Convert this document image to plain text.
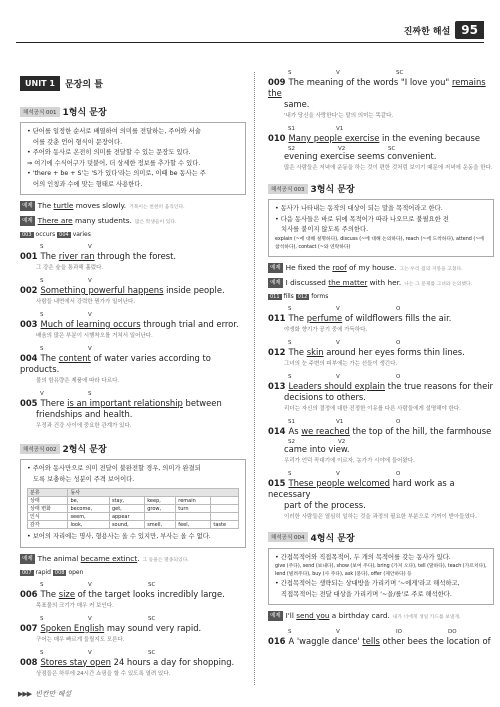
진짜한 해설 95
UNIT 1	문장의 틀
해석공식 001 1형식 문장

• 단어를 일정한 순서로 배열하여 의미를 전달하는, 주어와 서술

어를 갖춘 언어 형식이 문장이다.

• 주어와 동사로 온전히 의미를 전달할 수 있는 문장도 있다.

⇒ 여기에 수식어구가 덧붙어, 더 상세한 정보를 추가할 수 있다.

• 'there + be + S'는 'S가 있다'라는 의미로, 이때 be 동사는 주

어의 인칭과 수에 맞는 형태로 사용한다.

예제 The turtle moves slowly. 거북이는 천천히 움직인다.
예제 There are many students. 많은 학생들이 있다.
003 occurs 004 varies
S	V
001 The river ran through the forest.
그 강은 숲을 통과해 흘렀다.
S	V
002 Something powerful happens inside people.
사람들 내면에서 강력한 뭔가가 일어난다.
S	V
003 Much of learning occurs through trial and error.
배움의 많은 부분이 시행착오를 거쳐서 일어난다.
S	V
004 The content of water varies according to products.
물의 함유량은 제품에 따라 다르다.
V	S
005 There is an important relationship between
friendships and health.
우정과 건강 사이에 중요한 관계가 있다.
해석공식 002 2형식 문장

• 주어와 동사만으로 의미 전달이 불완전할 경우, 의미가 완결되

도록 보충하는 성분이 주격 보어이다.

분류	동사				
상태	be,	stay,	keep,	remain	
상태 변화	become,	get,	grow,	turn	
인식	seem,	appear			
감각	look,	sound,	smell,	feel,	taste

• 보어의 자리에는 명사, 형용사는 올 수 있지만, 부사는 올 수 없다.

예제 The animal became extinct. 그 동물은 멸종되었다.
007 rapid 008 open
S	V	SC
006 The size of the target looks incredibly large.
목표물의 크기가 매우 커 보인다.
S	V	SC
007 Spoken English may sound very rapid.
구어는 매우 빠르게 들릴지도 모른다.
S	V	SC
008 Stores stay open 24 hours a day for shopping.
상점들은 하루에 24시간 쇼핑을 할 수 있도록 열려 있다.
S	V	SC
009 The meaning of the words "I love you" remains the
same.
'내가 당신을 사랑한다'는 말의 의미는 똑같다.
S1	V1
010 Many people exercise in the evening because
S2	V2	SC
evening exercise seems convenient.
많은 사람들은 저녁에 운동을 하는 것이 편한 것처럼 보이기 때문에 저녁에 운동을 한다.
해석공식 003 3형식 문장

• 동사가 나타내는 동작의 대상이 되는 말을 목적어라고 한다.

• 다음 동사들은 바로 뒤에 목적어가 따라 나오므로 불필요한 전

치사를 붙이지 않도록 주의한다.

explain (~에 대해 설명하다), discuss (~에 대해 논의하다), reach (~에 도착하다), attend (~에 참석하다), contact (~와 연락하다)

예제 He fixed the roof of my house. 그는 우리 집의 지붕을 고쳤다.
예제 I discussed the matter with her. 나는 그 문제를 그녀와 논의했다.
011 fills 012 forms
S	V	O
011 The perfume of wildflowers fills the air.
야생화 향기가 공기 중에 가득하다.
S	V	O
012 The skin around her eyes forms thin lines.
그녀의 눈 주변의 피부에는 가는 선들이 생긴다.
S	V	O
013 Leaders should explain the true reasons for their
decisions to others.
리더는 자신의 결정에 대한 진정한 이유를 다른 사람들에게 설명해야 한다.
S1	V1	O
014 As we reached the top of the hill, the farmhouse
S2	V2
came into view.
우리가 언덕 꼭대기에 이르자, 농가가 시야에 들어왔다.
S	V	O
015 These people welcomed hard work as a necessary
part of the process.
이러한 사람들은 열심히 일하는 것을 과정의 필요한 부분으로 기꺼이 받아들였다.
해석공식 004 4형식 문장

• 간접목적어와 직접목적어, 두 개의 목적어를 갖는 동사가 있다.

give (주다), send (보내다), show (보여 주다), bring (가져 오다), tell (말하다), teach (가르치다), lend (빌려주다), buy (사 주다), ask (묻다), offer (제안하다) 등

• 간접목적어는 생략되는 상대방을 가리키며 '~에게'라고 해석하고,

직접목적어는 전달 대상을 가리키며 '~을/를'로 주로 해석한다.

예제 I'll send you a birthday card. 내가 너에게 생일 카드를 보낼게.
S	V	IO	DO
016 A 'waggle dance' tells other bees the location of
▶▶▶ 빈칸만 해설
